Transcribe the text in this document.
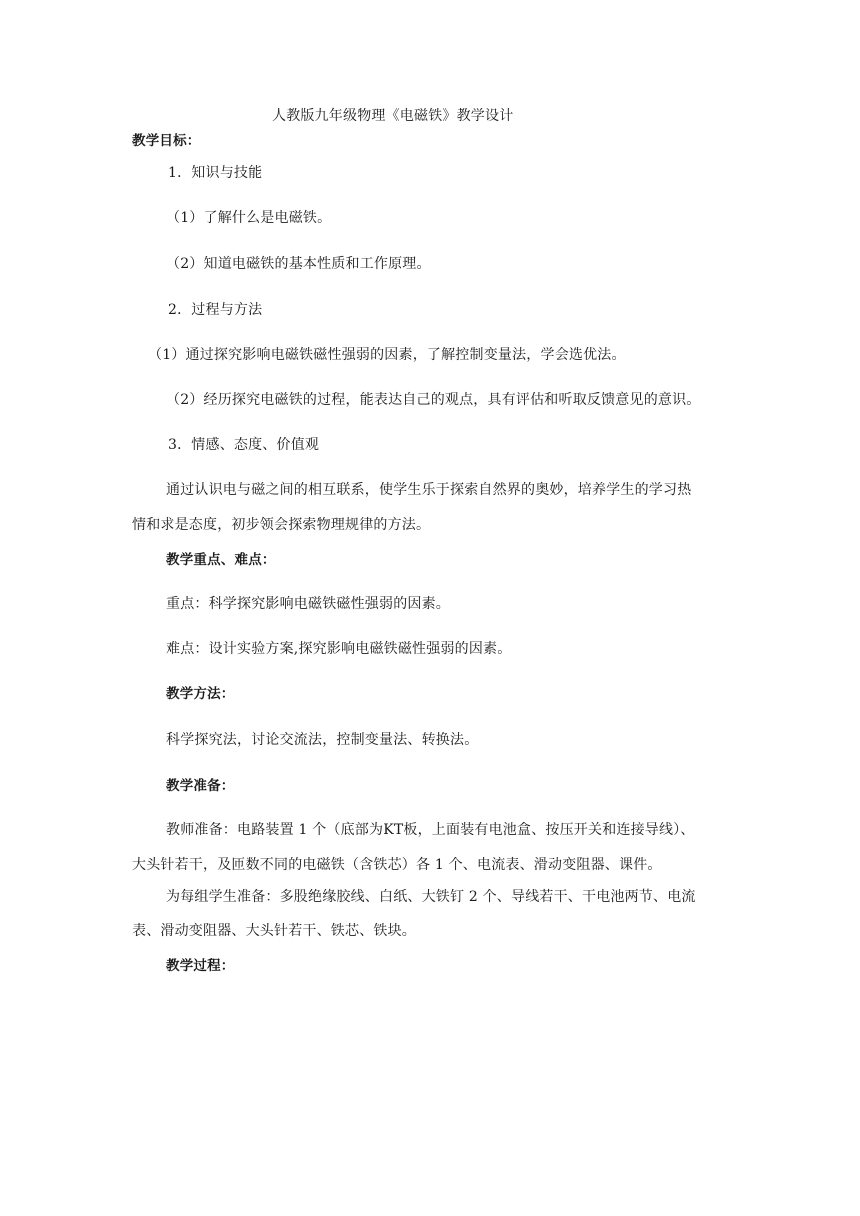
人教版九年级物理《电磁铁》教学设计
教学目标：
1．知识与技能
（1）了解什么是电磁铁。
（2）知道电磁铁的基本性质和工作原理。
2．过程与方法
（1）通过探究影响电磁铁磁性强弱的因素，了解控制变量法，学会选优法。
（2）经历探究电磁铁的过程，能表达自己的观点，具有评估和听取反馈意见的意识。
3．情感、态度、价值观
通过认识电与磁之间的相互联系，使学生乐于探索自然界的奥妙，培养学生的学习热
情和求是态度，初步领会探索物理规律的方法。
教学重点、难点：
重点：科学探究影响电磁铁磁性强弱的因素。
难点：设计实验方案,探究影响电磁铁磁性强弱的因素。
教学方法：
科学探究法，讨论交流法，控制变量法、转换法。
教学准备：
教师准备：电路装置 1 个（底部为KT板，上面装有电池盒、按压开关和连接导线）、
大头针若干，及匝数不同的电磁铁（含铁芯）各 1 个、电流表、滑动变阻器、课件。
为每组学生准备：多股绝缘胶线、白纸、大铁钉 2 个、导线若干、干电池两节、电流
表、滑动变阻器、大头针若干、铁芯、铁块。
教学过程：
